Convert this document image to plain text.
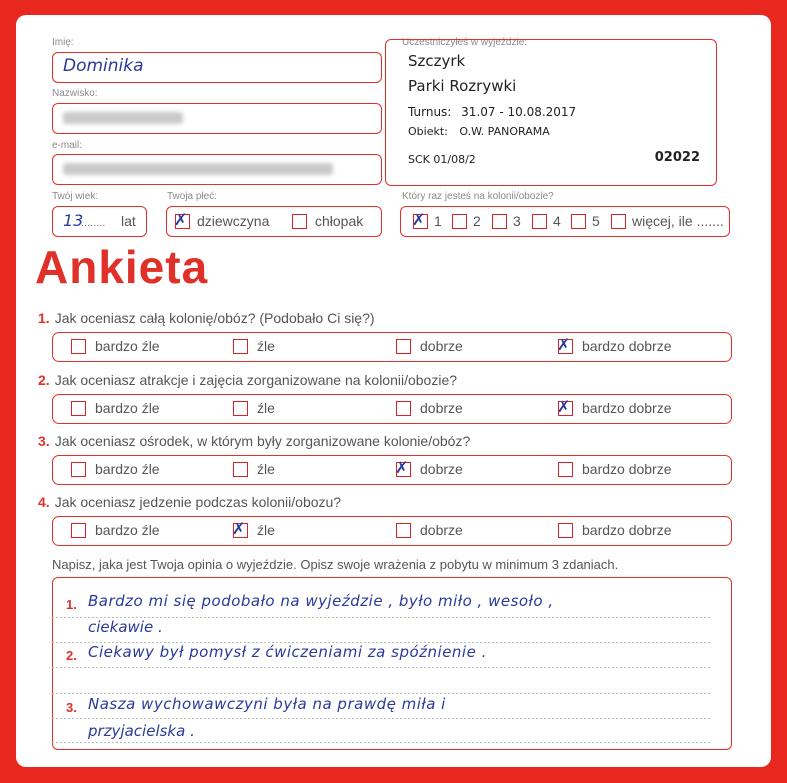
Imię:
Dominika
Nazwisko:
e-mail:
Twój wiek:
13
........ lat
Twoja płeć:
✗ dziewczyna	chłopak
Uczestniczyłeś w wyjeździe:
Szczyrk
Parki Rozrywki
Turnus: 31.07 - 10.08.2017
Obiekt: O.W. PANORAMA
SCK 01/08/2	02022
Który raz jesteś na kolonii/obozie?
✗ 1 2 3 4 5 więcej, ile .......
Ankieta
1. Jak oceniasz całą kolonię/obóz? (Podobało Ci się?)
bardzo źle	źle	dobrze	✗ bardzo dobrze
2. Jak oceniasz atrakcje i zajęcia zorganizowane na kolonii/obozie?
bardzo źle	źle	dobrze	✗ bardzo dobrze
3. Jak oceniasz ośrodek, w którym były zorganizowane kolonie/obóz?
bardzo źle	źle	✗ dobrze	bardzo dobrze
4. Jak oceniasz jedzenie podczas kolonii/obozu?
bardzo źle	✗ źle	dobrze	bardzo dobrze
Napisz, jaka jest Twoja opinia o wyjeździe. Opisz swoje wrażenia z pobytu w minimum 3 zdaniach.
1. Bardzo mi się podobało na wyjeździe , było miło , wesoło ,
ciekawie .
2. Ciekawy był pomysł z ćwiczeniami za spóźnienie .
3. Nasza wychowawczyni była na prawdę miła i
przyjacielska .
